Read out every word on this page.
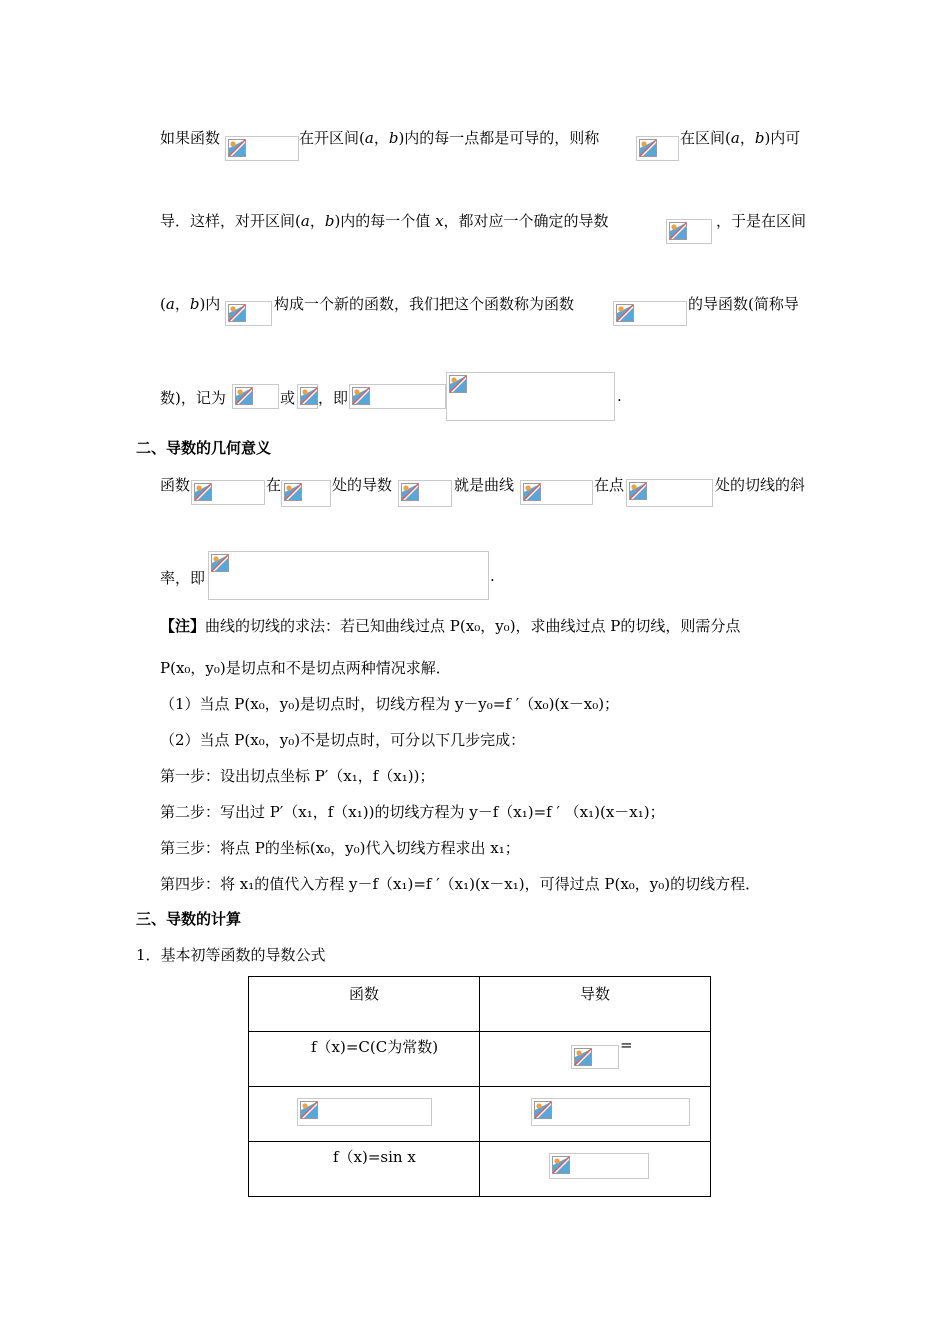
如果函数	在开区间(a，b)内的每一点都是可导的，则称	在区间(a，b)内可
导．这样，对开区间(a，b)内的每一个值 x，都对应一个确定的导数	，于是在区间
(a，b)内	构成一个新的函数，我们把这个函数称为函数	的导函数(简称导
数)，记为	或 ，即	.
二、导数的几何意义
函数	在	处的导数	就是曲线	在点	处的切线的斜
率，即	.
【注】曲线的切线的求法：若已知曲线过点 P(x₀，y₀)，求曲线过点 P的切线，则需分点
P(x₀，y₀)是切点和不是切点两种情况求解．
（1）当点 P(x₀，y₀)是切点时，切线方程为 y－y₀=f ′（x₀)(x－x₀)；
（2）当点 P(x₀，y₀)不是切点时，可分以下几步完成：
第一步：设出切点坐标 P′（x₁，f（x₁))；
第二步：写出过 P′（x₁，f（x₁))的切线方程为 y－f（x₁)=f ′ （x₁)(x－x₁)；
第三步：将点 P的坐标(x₀，y₀)代入切线方程求出 x₁；
第四步：将 x₁的值代入方程 y－f（x₁)=f ′（x₁)(x－x₁)，可得过点 P(x₀，y₀)的切线方程．
三、导数的计算
1．基本初等函数的导数公式
函数	导数

f（x)=C(C为常数)	=

f（x)=sin x
